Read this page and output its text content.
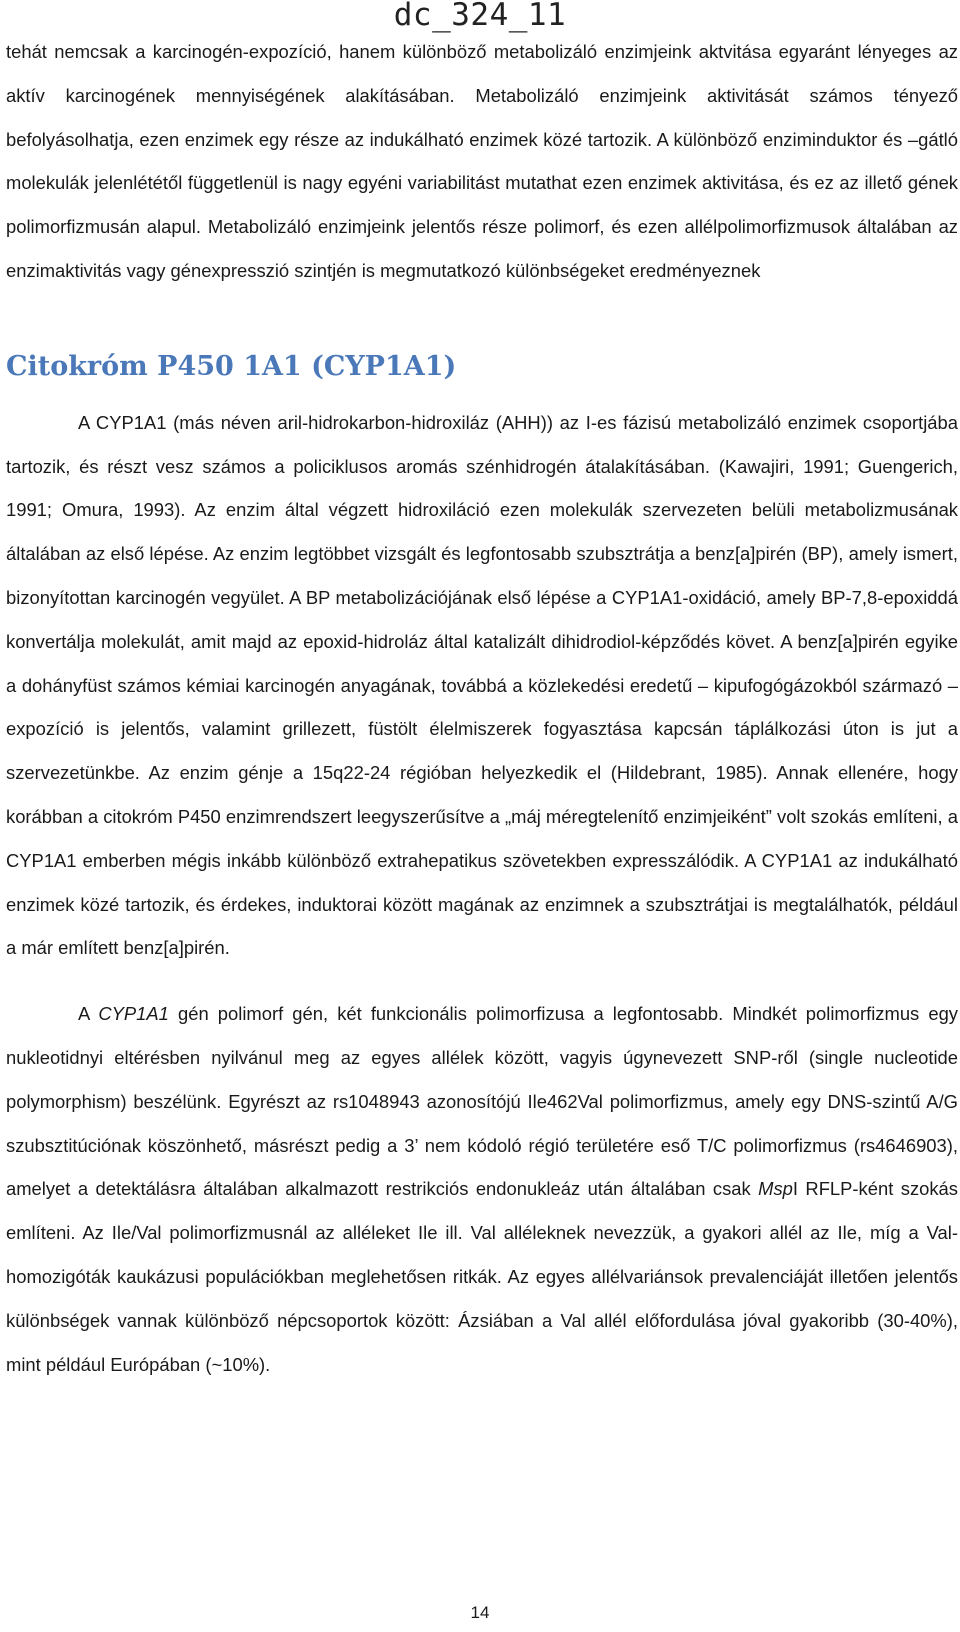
dc_324_11

tehát nemcsak a karcinogén-expozíció, hanem különböző metabolizáló enzimjeink aktvitása egyaránt lényeges az aktív karcinogének mennyiségének alakításában. Metabolizáló enzimjeink aktivitását számos tényező befolyásolhatja, ezen enzimek egy része az indukálható enzimek közé tartozik. A különböző enziminduktor és –gátló molekulák jelenlététől függetlenül is nagy egyéni variabilitást mutathat ezen enzimek aktivitása, és ez az illető gének polimorfizmusán alapul. Metabolizáló enzimjeink jelentős része polimorf, és ezen allélpolimorfizmusok általában az enzimaktivitás vagy génexpresszió szintjén is megmutatkozó különbségeket eredményeznek

Citokróm P450 1A1 (CYP1A1)

A CYP1A1 (más néven aril-hidrokarbon-hidroxiláz (AHH)) az I-es fázisú metabolizáló enzimek csoportjába tartozik, és részt vesz számos a policiklusos aromás szénhidrogén átalakításában. (Kawajiri, 1991; Guengerich, 1991; Omura, 1993). Az enzim által végzett hidroxiláció ezen molekulák szervezeten belüli metabolizmusának általában az első lépése. Az enzim legtöbbet vizsgált és legfontosabb szubsztrátja a benz[a]pirén (BP), amely ismert, bizonyítottan karcinogén vegyület. A BP metabolizációjának első lépése a CYP1A1-oxidáció, amely BP-7,8-epoxiddá konvertálja molekulát, amit majd az epoxid-hidroláz által katalizált dihidrodiol-képződés követ. A benz[a]pirén egyike a dohányfüst számos kémiai karcinogén anyagának, továbbá a közlekedési eredetű – kipufogógázokból származó – expozíció is jelentős, valamint grillezett, füstölt élelmiszerek fogyasztása kapcsán táplálkozási úton is jut a szervezetünkbe. Az enzim génje a 15q22-24 régióban helyezkedik el (Hildebrant, 1985). Annak ellenére, hogy korábban a citokróm P450 enzimrendszert leegyszerűsítve a „máj méregtelenítő enzimjeiként” volt szokás említeni, a CYP1A1 emberben mégis inkább különböző extrahepatikus szövetekben expresszálódik. A CYP1A1 az indukálható enzimek közé tartozik, és érdekes, induktorai között magának az enzimnek a szubsztrátjai is megtalálhatók, például a már említett benz[a]pirén.

A CYP1A1 gén polimorf gén, két funkcionális polimorfizusa a legfontosabb. Mindkét polimorfizmus egy nukleotidnyi eltérésben nyilvánul meg az egyes allélek között, vagyis úgynevezett SNP-ről (single nucleotide polymorphism) beszélünk. Egyrészt az rs1048943 azonosítójú Ile462Val polimorfizmus, amely egy DNS-szintű A/G szubsztitúciónak köszönhető, másrészt pedig a 3’ nem kódoló régió területére eső T/C polimorfizmus (rs4646903), amelyet a detektálásra általában alkalmazott restrikciós endonukleáz után általában csak MspI RFLP-ként szokás említeni. Az Ile/Val polimorfizmusnál az alléleket Ile ill. Val alléleknek nevezzük, a gyakori allél az Ile, míg a Val-homozigóták kaukázusi populációkban meglehetősen ritkák. Az egyes allélvariánsok prevalenciáját illetően jelentős különbségek vannak különböző népcsoportok között: Ázsiában a Val allél előfordulása jóval gyakoribb (30-40%), mint például Európában (~10%).

14
